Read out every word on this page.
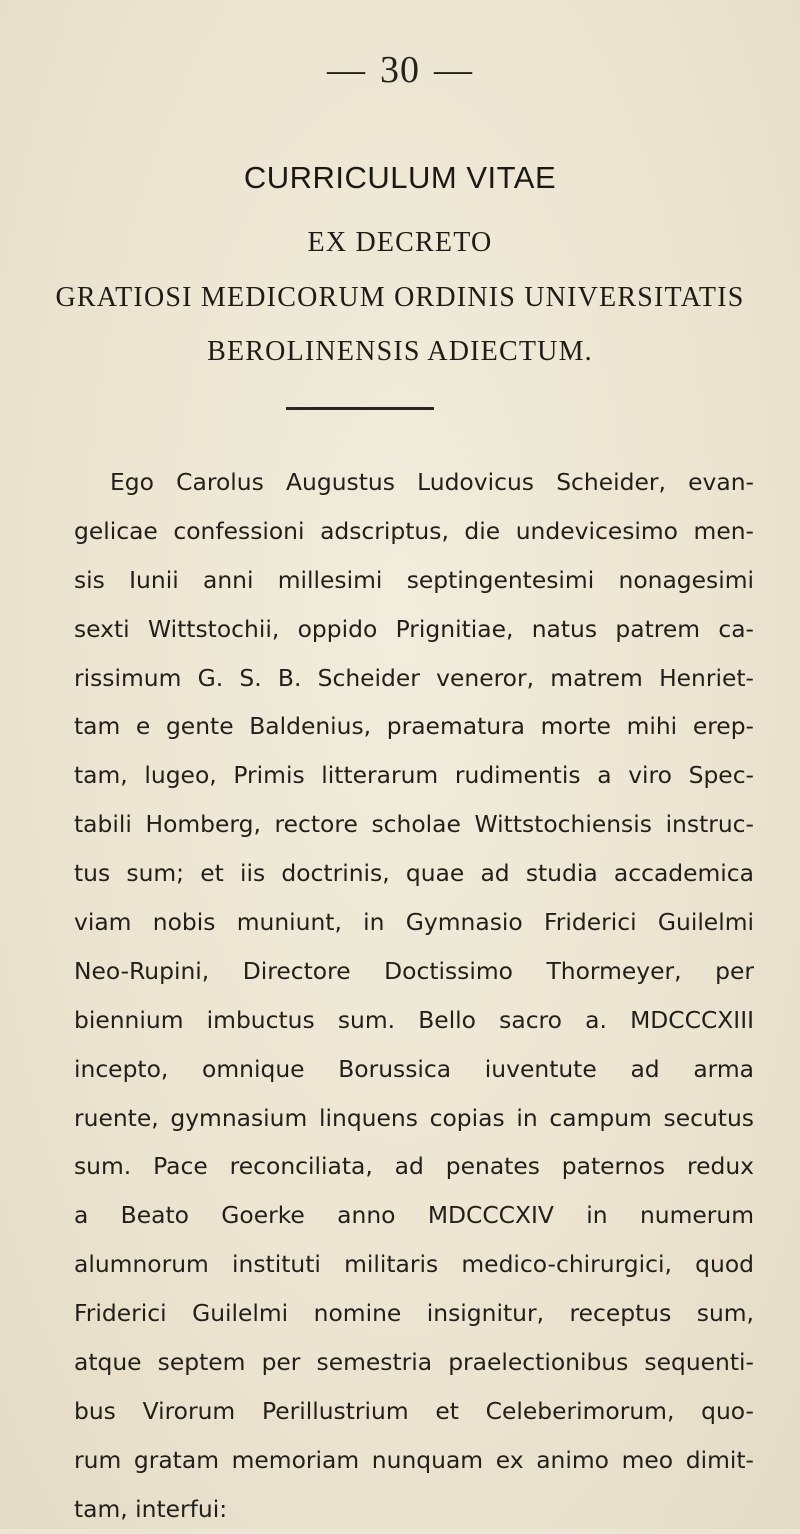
— 30 —
CURRICULUM VITAE
EX DECRETO
GRATIOSI MEDICORUM ORDINIS UNIVERSITATIS
BEROLINENSIS ADIECTUM.
Ego Carolus Augustus Ludovicus Scheider, evan-
gelicae confessioni adscriptus, die undevicesimo men-
sis Iunii anni millesimi septingentesimi nonagesimi
sexti Wittstochii, oppido Prignitiae, natus patrem ca-
rissimum G. S. B. Scheider veneror, matrem Henriet-
tam e gente Baldenius, praematura morte mihi erep-
tam, lugeo, Primis litterarum rudimentis a viro Spec-
tabili Homberg, rectore scholae Wittstochiensis instruc-
tus sum; et iis doctrinis, quae ad studia accademica
viam nobis muniunt, in Gymnasio Friderici Guilelmi
Neo-Rupini, Directore Doctissimo Thormeyer, per
biennium imbuctus sum. Bello sacro a. MDCCCXIII
incepto, omnique Borussica iuventute ad arma
ruente, gymnasium linquens copias in campum secutus
sum. Pace reconciliata, ad penates paternos redux
a Beato Goerke anno MDCCCXIV in numerum
alumnorum instituti militaris medico-chirurgici, quod
Friderici Guilelmi nomine insignitur, receptus sum,
atque septem per semestria praelectionibus sequenti-
bus Virorum Perillustrium et Celeberimorum, quo-
rum gratam memoriam nunquam ex animo meo dimit-
tam, interfui:
